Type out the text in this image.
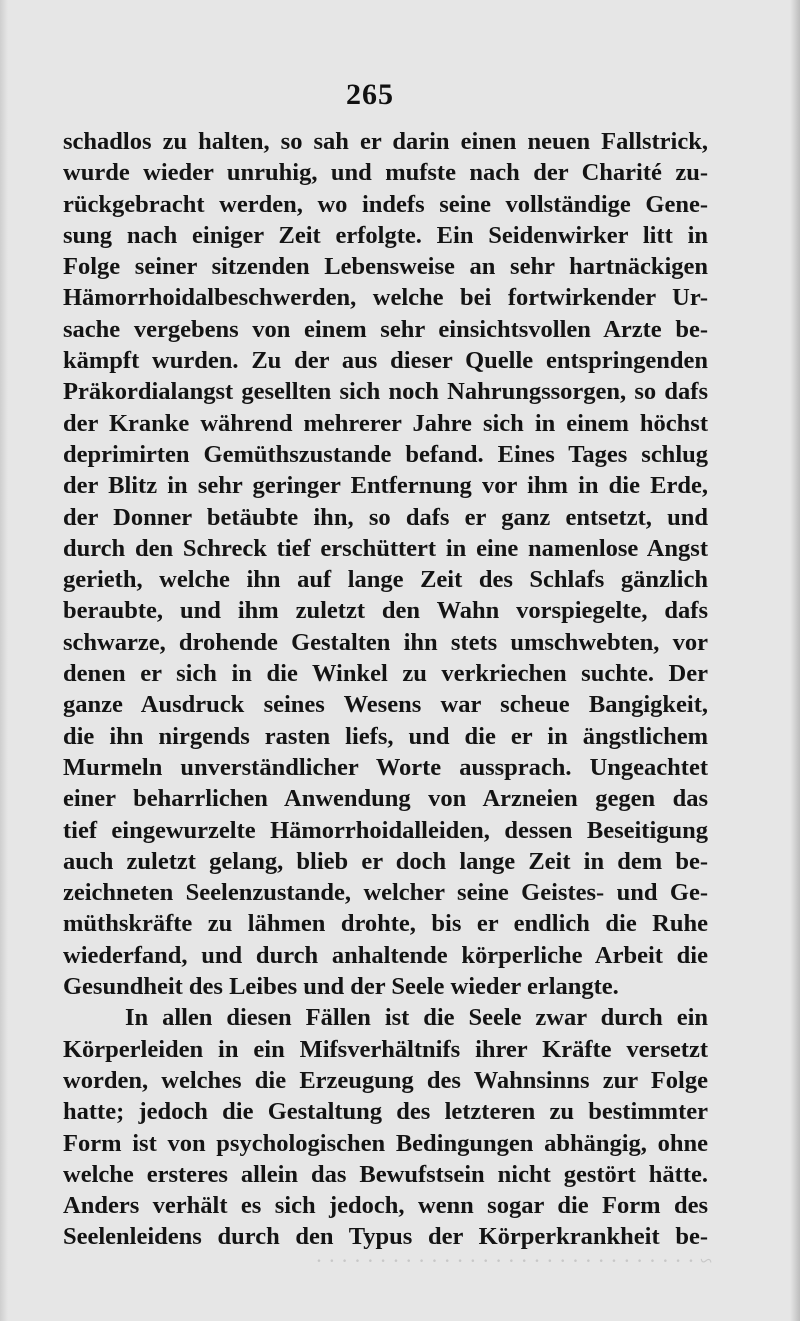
265
schadlos zu halten, so sah er darin einen neuen Fallstrick,
wurde wieder unruhig, und mufste nach der Charité zu-
rückgebracht werden, wo indefs seine vollständige Gene-
sung nach einiger Zeit erfolgte. Ein Seidenwirker litt in
Folge seiner sitzenden Lebensweise an sehr hartnäckigen
Hämorrhoidalbeschwerden, welche bei fortwirkender Ur-
sache vergebens von einem sehr einsichtsvollen Arzte be-
kämpft wurden. Zu der aus dieser Quelle entspringenden
Präkordialangst gesellten sich noch Nahrungssorgen, so dafs
der Kranke während mehrerer Jahre sich in einem höchst
deprimirten Gemüthszustande befand. Eines Tages schlug
der Blitz in sehr geringer Entfernung vor ihm in die Erde,
der Donner betäubte ihn, so dafs er ganz entsetzt, und
durch den Schreck tief erschüttert in eine namenlose Angst
gerieth, welche ihn auf lange Zeit des Schlafs gänzlich
beraubte, und ihm zuletzt den Wahn vorspiegelte, dafs
schwarze, drohende Gestalten ihn stets umschwebten, vor
denen er sich in die Winkel zu verkriechen suchte. Der
ganze Ausdruck seines Wesens war scheue Bangigkeit,
die ihn nirgends rasten liefs, und die er in ängstlichem
Murmeln unverständlicher Worte aussprach. Ungeachtet
einer beharrlichen Anwendung von Arzneien gegen das
tief eingewurzelte Hämorrhoidalleiden, dessen Beseitigung
auch zuletzt gelang, blieb er doch lange Zeit in dem be-
zeichneten Seelenzustande, welcher seine Geistes- und Ge-
müthskräfte zu lähmen drohte, bis er endlich die Ruhe
wiederfand, und durch anhaltende körperliche Arbeit die
Gesundheit des Leibes und der Seele wieder erlangte.
In allen diesen Fällen ist die Seele zwar durch ein
Körperleiden in ein Mifsverhältnifs ihrer Kräfte versetzt
worden, welches die Erzeugung des Wahnsinns zur Folge
hatte; jedoch die Gestaltung des letzteren zu bestimmter
Form ist von psychologischen Bedingungen abhängig, ohne
welche ersteres allein das Bewufstsein nicht gestört hätte.
Anders verhält es sich jedoch, wenn sogar die Form des
Seelenleidens durch den Typus der Körperkrankheit be-
~ · · · · · · · · · · · · · · · · · · · · · · · · · · · · · ·
